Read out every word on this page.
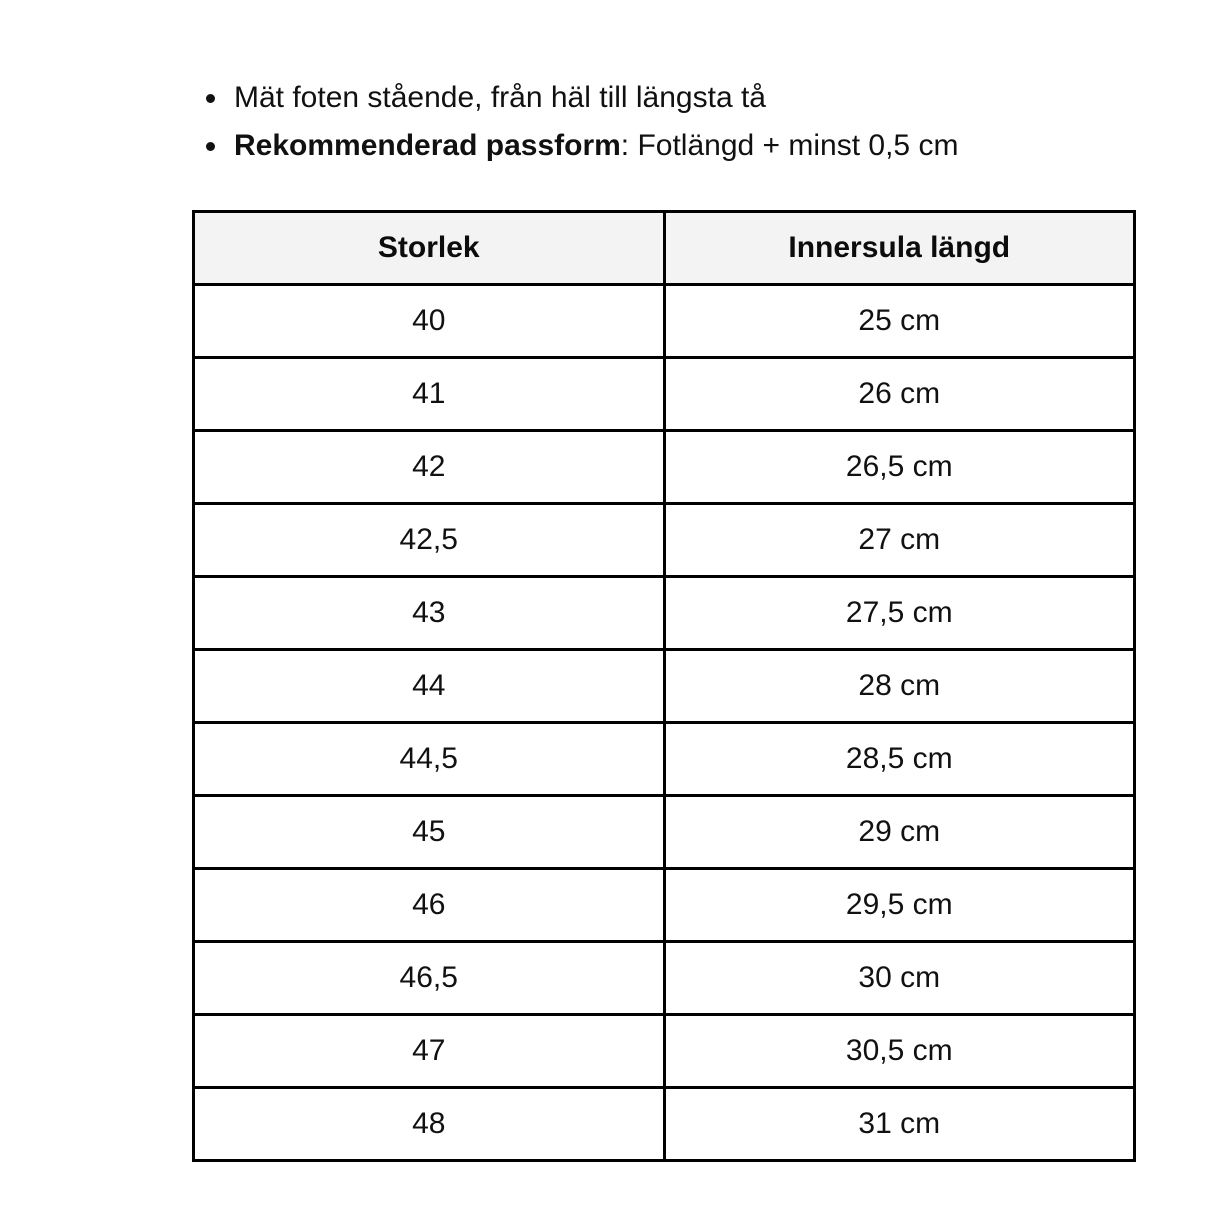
Mät foten stående, från häl till längsta tå
Rekommenderad passform: Fotlängd + minst 0,5 cm
Storlek	Innersula längd
40	25 cm
41	26 cm
42	26,5 cm
42,5	27 cm
43	27,5 cm
44	28 cm
44,5	28,5 cm
45	29 cm
46	29,5 cm
46,5	30 cm
47	30,5 cm
48	31 cm
